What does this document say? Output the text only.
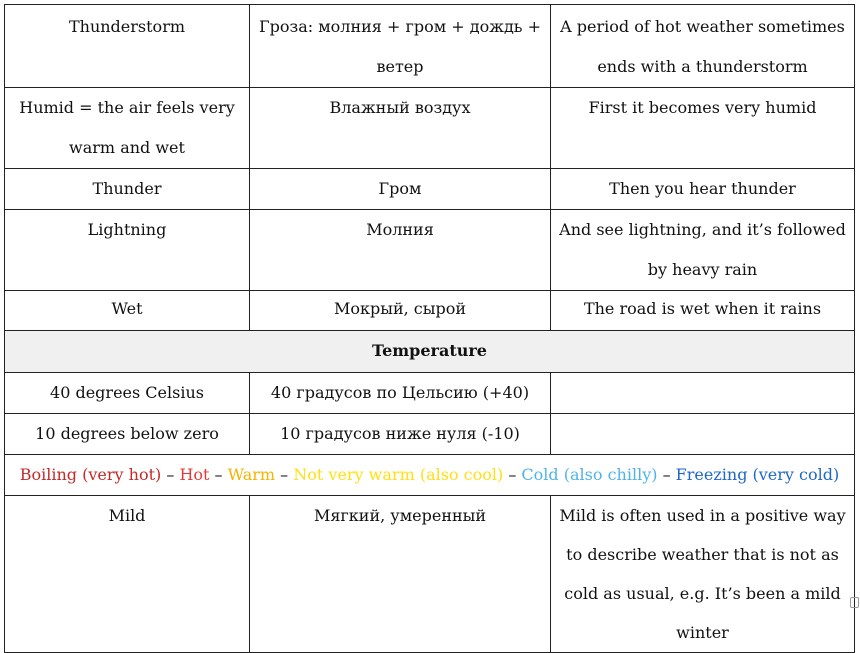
Thunderstorm	Гроза: молния + гром + дождь + ветер	A period of hot weather sometimes ends with a thunderstorm
Humid = the air feels very warm and wet	Влажный воздух	First it becomes very humid
Thunder	Гром	Then you hear thunder
Lightning	Молния	And see lightning, and it’s followed by heavy rain
Wet	Мокрый, сырой	The road is wet when it rains
Temperature		
40 degrees Celsius	40 градусов по Цельсию (+40)	
10 degrees below zero	10 градусов ниже нуля (-10)	
Boiling (very hot) – Hot – Warm – Not very warm (also cool) – Cold (also chilly) – Freezing (very cold)		
Mild	Мягкий, умеренный	Mild is often used in a positive way to describe weather that is not as cold as usual, e.g. It’s been a mild winter
